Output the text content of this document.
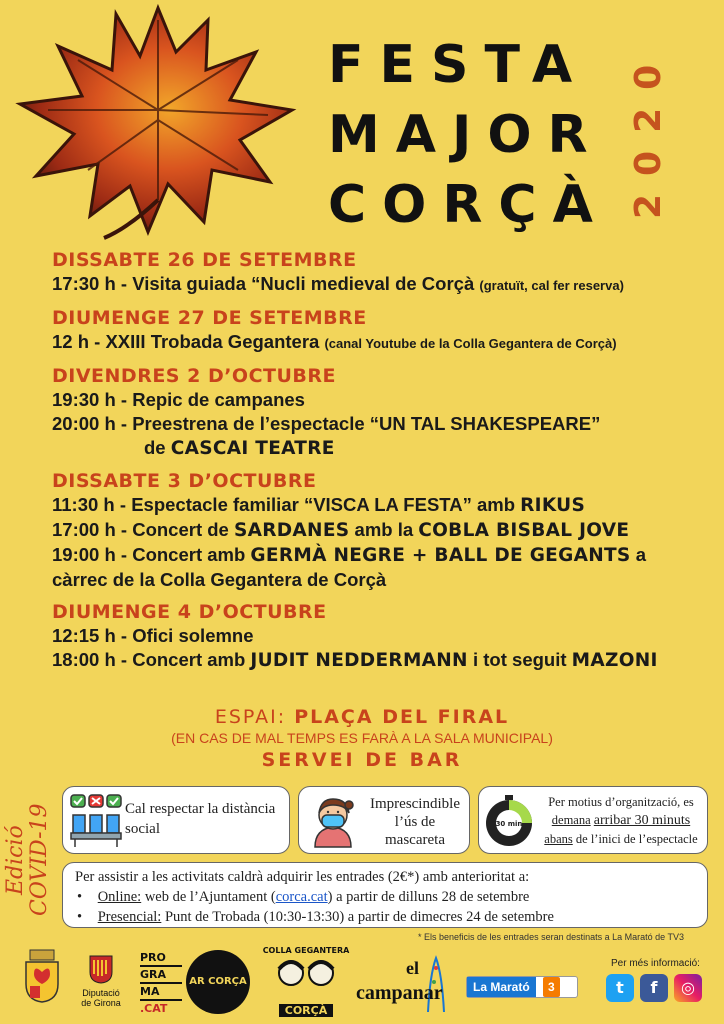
FESTA
MAJOR
CORÇÀ 2020
DISSABTE 26 DE SETEMBRE
17:30 h - Visita guiada “Nucli medieval de Corçà (gratuït, cal fer reserva)
DIUMENGE 27 DE SETEMBRE
12 h - XXIII Trobada Gegantera (canal Youtube de la Colla Gegantera de Corçà)
DIVENDRES 2 D’OCTUBRE
19:30 h - Repic de campanes
20:00 h - Preestrena de l’espectacle “UN TAL SHAKESPEARE”
de CASCAI TEATRE
DISSABTE 3 D’OCTUBRE
11:30 h - Espectacle familiar “VISCA LA FESTA” amb RIKUS
17:00 h - Concert de SARDANES amb la COBLA BISBAL JOVE
19:00 h - Concert amb GERMÀ NEGRE + BALL DE GEGANTS a
càrrec de la Colla Gegantera de Corçà
DIUMENGE 4 D’OCTUBRE
12:15 h - Ofici solemne
18:00 h - Concert amb JUDIT NEDDERMANN i tot seguit MAZONI
ESPAI: PLAÇA DEL FIRAL
(EN CAS DE MAL TEMPS ES FARÀ A LA SALA MUNICIPAL)
SERVEI DE BAR
Edició
COVID-19	Cal respectar la distància social
Imprescindible
l’ús de
mascareta
30 min
Per motius d’organització, es
demana arribar 30 minuts
abans de l’inici de l’espectacle
Per assistir a les activitats caldrà adquirir les entrades (2€*) amb anterioritat a:
• Online: web de l’Ajuntament (corca.cat) a partir de dilluns 28 de setembre
• Presencial: Punt de Trobada (10:30-13:30) a partir de dimecres 24 de setembre
* Els beneficis de les entrades seran destinats a La Marató de TV3
Diputació
de Girona
PRO
GRA
MA
.CAT
AR CORÇA
COLLA GEGANTERA
CORÇÀ
el
campanar	La Marató 3
Per més informació:
t	f	◎
